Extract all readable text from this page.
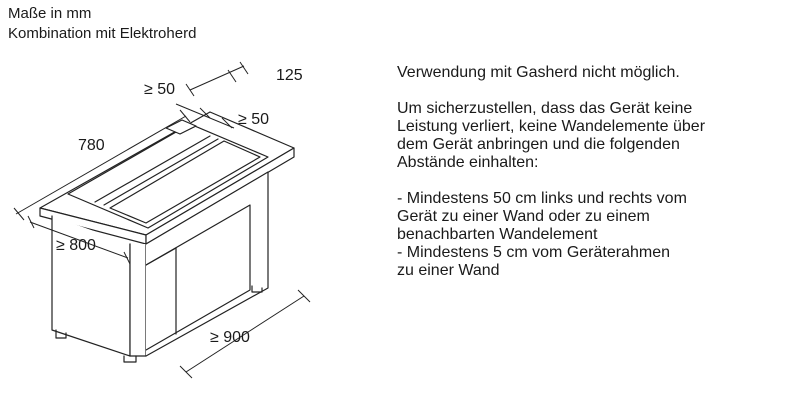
Maße in mm
Kombination mit Elektroherd
≥ 50
125
≥ 50
780
≥ 800
≥ 900

Verwendung mit Gasherd nicht möglich.

Um sicherzustellen, dass das Gerät keine

Leistung verliert, keine Wandelemente über

dem Gerät anbringen und die folgenden

Abstände einhalten:

- Mindestens 50 cm links und rechts vom

Gerät zu einer Wand oder zu einem

benachbarten Wandelement

- Mindestens 5 cm vom Geräterahmen

zu einer Wand
